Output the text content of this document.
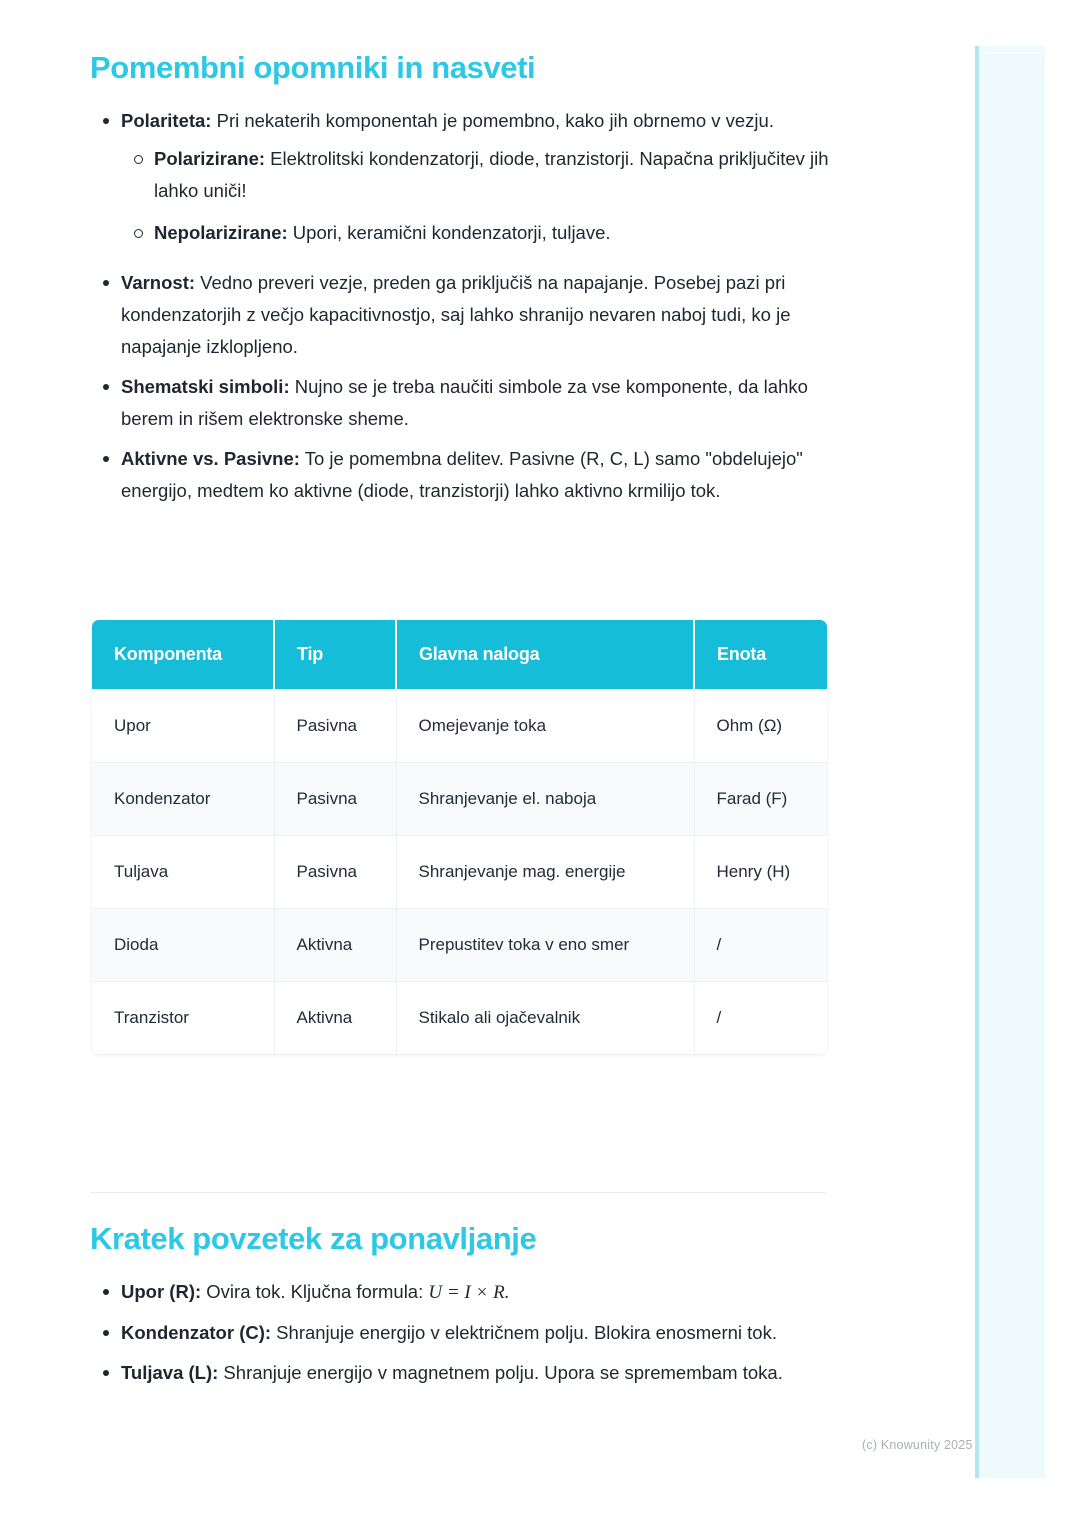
Pomembni opomniki in nasveti
Polariteta: Pri nekaterih komponentah je pomembno, kako jih obrnemo v vezju.
Polarizirane: Elektrolitski kondenzatorji, diode, tranzistorji. Napačna priključitev jih lahko uniči!
Nepolarizirane: Upori, keramični kondenzatorji, tuljave.
Varnost: Vedno preveri vezje, preden ga priključiš na napajanje. Posebej pazi pri kondenzatorjih z večjo kapacitivnostjo, saj lahko shranijo nevaren naboj tudi, ko je napajanje izklopljeno.
Shematski simboli: Nujno se je treba naučiti simbole za vse komponente, da lahko berem in rišem elektronske sheme.
Aktivne vs. Pasivne: To je pomembna delitev. Pasivne (R, C, L) samo "obdelujejo" energijo, medtem ko aktivne (diode, tranzistorji) lahko aktivno krmilijo tok.
Komponenta	Tip	Glavna naloga	Enota
Upor	Pasivna	Omejevanje toka	Ohm (Ω)
Kondenzator	Pasivna	Shranjevanje el. naboja	Farad (F)
Tuljava	Pasivna	Shranjevanje mag. energije	Henry (H)
Dioda	Aktivna	Prepustitev toka v eno smer	/
Tranzistor	Aktivna	Stikalo ali ojačevalnik	/
Kratek povzetek za ponavljanje
Upor (R): Ovira tok. Ključna formula: U = I × R.
Kondenzator (C): Shranjuje energijo v električnem polju. Blokira enosmerni tok.
Tuljava (L): Shranjuje energijo v magnetnem polju. Upora se spremembam toka.
(c) Knowunity 2025
